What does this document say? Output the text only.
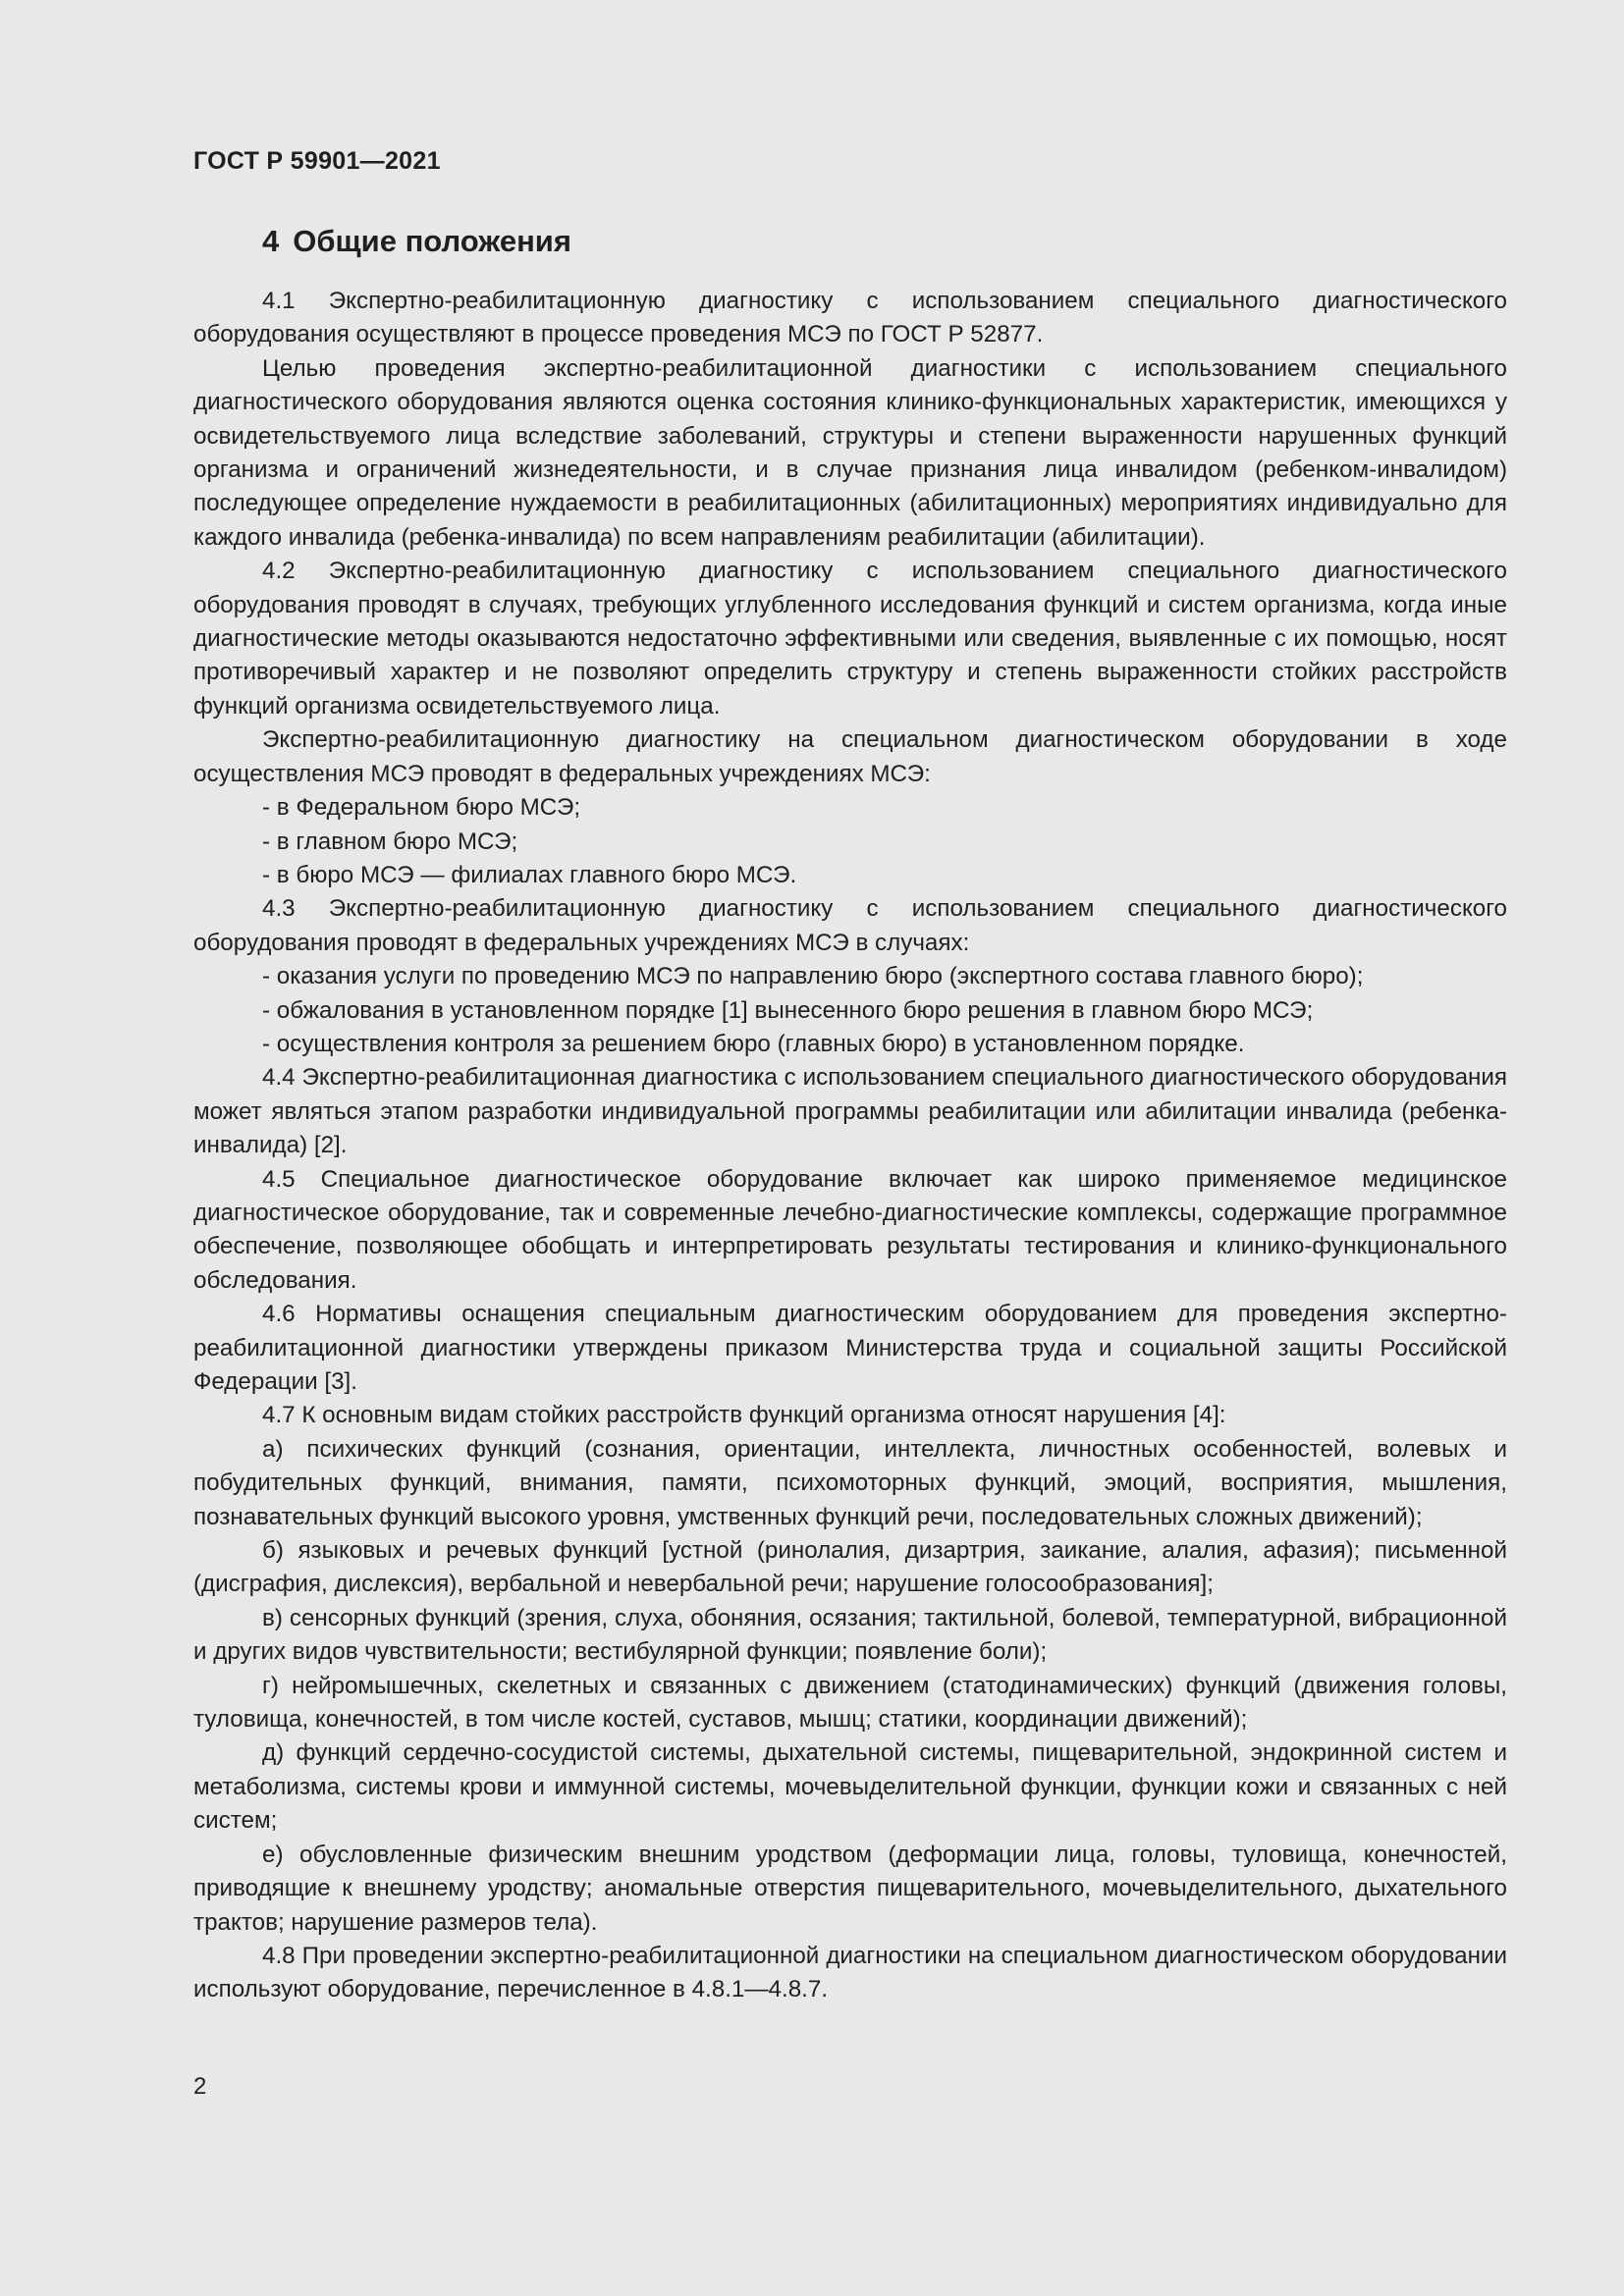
ГОСТ Р 59901—2021
4 Общие положения

4.1 Экспертно-реабилитационную диагностику с использованием специального диагностического оборудования осуществляют в процессе проведения МСЭ по ГОСТ Р 52877.

Целью проведения экспертно-реабилитационной диагностики с использованием специального диагностического оборудования являются оценка состояния клинико-функциональных характеристик, имеющихся у освидетельствуемого лица вследствие заболеваний, структуры и степени выраженности нарушенных функций организма и ограничений жизнедеятельности, и в случае признания лица инвалидом (ребенком-инвалидом) последующее определение нуждаемости в реабилитационных (абилитационных) мероприятиях индивидуально для каждого инвалида (ребенка-инвалида) по всем направлениям реабилитации (абилитации).

4.2 Экспертно-реабилитационную диагностику с использованием специального диагностического оборудования проводят в случаях, требующих углубленного исследования функций и систем организма, когда иные диагностические методы оказываются недостаточно эффективными или сведения, выявленные с их помощью, носят противоречивый характер и не позволяют определить структуру и степень выраженности стойких расстройств функций организма освидетельствуемого лица.

Экспертно-реабилитационную диагностику на специальном диагностическом оборудовании в ходе осуществления МСЭ проводят в федеральных учреждениях МСЭ:

- в Федеральном бюро МСЭ;

- в главном бюро МСЭ;

- в бюро МСЭ — филиалах главного бюро МСЭ.

4.3 Экспертно-реабилитационную диагностику с использованием специального диагностического оборудования проводят в федеральных учреждениях МСЭ в случаях:

- оказания услуги по проведению МСЭ по направлению бюро (экспертного состава главного бюро);

- обжалования в установленном порядке [1] вынесенного бюро решения в главном бюро МСЭ;

- осуществления контроля за решением бюро (главных бюро) в установленном порядке.

4.4 Экспертно-реабилитационная диагностика с использованием специального диагностического оборудования может являться этапом разработки индивидуальной программы реабилитации или абилитации инвалида (ребенка-инвалида) [2].

4.5 Специальное диагностическое оборудование включает как широко применяемое медицинское диагностическое оборудование, так и современные лечебно-диагностические комплексы, содержащие программное обеспечение, позволяющее обобщать и интерпретировать результаты тестирования и клинико-функционального обследования.

4.6 Нормативы оснащения специальным диагностическим оборудованием для проведения экспертно-реабилитационной диагностики утверждены приказом Министерства труда и социальной защиты Российской Федерации [3].

4.7 К основным видам стойких расстройств функций организма относят нарушения [4]:

а) психических функций (сознания, ориентации, интеллекта, личностных особенностей, волевых и побудительных функций, внимания, памяти, психомоторных функций, эмоций, восприятия, мышления, познавательных функций высокого уровня, умственных функций речи, последовательных сложных движений);

б) языковых и речевых функций [устной (ринолалия, дизартрия, заикание, алалия, афазия); письменной (дисграфия, дислексия), вербальной и невербальной речи; нарушение голосообразования];

в) сенсорных функций (зрения, слуха, обоняния, осязания; тактильной, болевой, температурной, вибрационной и других видов чувствительности; вестибулярной функции; появление боли);

г) нейромышечных, скелетных и связанных с движением (статодинамических) функций (движения головы, туловища, конечностей, в том числе костей, суставов, мышц; статики, координации движений);

д) функций сердечно-сосудистой системы, дыхательной системы, пищеварительной, эндокринной систем и метаболизма, системы крови и иммунной системы, мочевыделительной функции, функции кожи и связанных с ней систем;

е) обусловленные физическим внешним уродством (деформации лица, головы, туловища, конечностей, приводящие к внешнему уродству; аномальные отверстия пищеварительного, мочевыделительного, дыхательного трактов; нарушение размеров тела).

4.8 При проведении экспертно-реабилитационной диагностики на специальном диагностическом оборудовании используют оборудование, перечисленное в 4.8.1—4.8.7.

2
